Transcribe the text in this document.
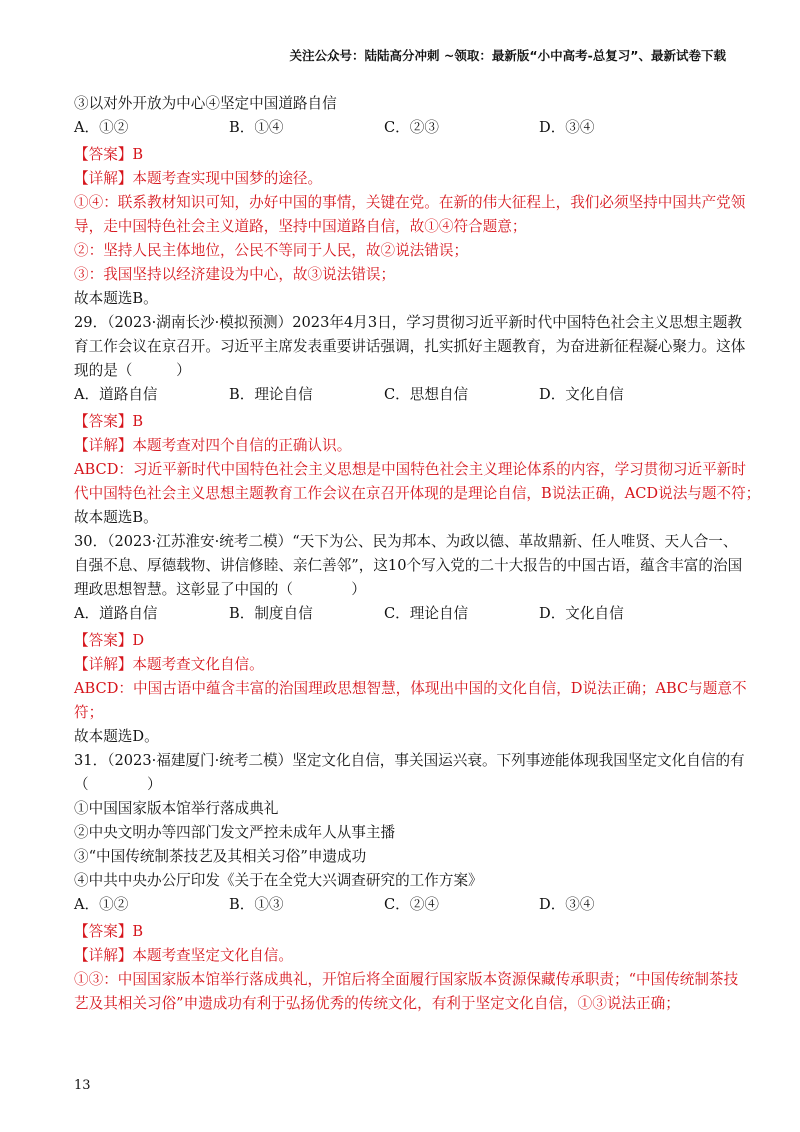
关注公众号：陆陆高分冲刺 ~领取：最新版“小中高考-总复习”、最新试卷下载
③以对外开放为中心④坚定中国道路自信
A．①②	B．①④	C．②③	D．③④
【答案】B
【详解】本题考查实现中国梦的途径。
①④：联系教材知识可知，办好中国的事情，关键在党。在新的伟大征程上，我们必须坚持中国共产党领
导，走中国特色社会主义道路，坚持中国道路自信，故①④符合题意；
②：坚持人民主体地位，公民不等同于人民，故②说法错误；
③：我国坚持以经济建设为中心，故③说法错误；
故本题选B。
29．（2023·湖南长沙·模拟预测）2023年4月3日，学习贯彻习近平新时代中国特色社会主义思想主题教
育工作会议在京召开。习近平主席发表重要讲话强调，扎实抓好主题教育，为奋进新征程凝心聚力。这体
现的是（　　　）
A．道路自信	B．理论自信	C．思想自信	D．文化自信
【答案】B
【详解】本题考查对四个自信的正确认识。
ABCD：习近平新时代中国特色社会主义思想是中国特色社会主义理论体系的内容，学习贯彻习近平新时
代中国特色社会主义思想主题教育工作会议在京召开体现的是理论自信，B说法正确，ACD说法与题不符；
故本题选B。
30．（2023·江苏淮安·统考二模）“天下为公、民为邦本、为政以德、革故鼎新、任人唯贤、天人合一、
自强不息、厚德载物、讲信修睦、亲仁善邻”，这10个写入党的二十大报告的中国古语，蕴含丰富的治国
理政思想智慧。这彰显了中国的（　　　　）
A．道路自信	B．制度自信	C．理论自信	D．文化自信
【答案】D
【详解】本题考查文化自信。
ABCD：中国古语中蕴含丰富的治国理政思想智慧，体现出中国的文化自信，D说法正确；ABC与题意不
符；
故本题选D。
31．（2023·福建厦门·统考二模）坚定文化自信，事关国运兴衰。下列事迹能体现我国坚定文化自信的有
（　　　　）
①中国国家版本馆举行落成典礼
②中央文明办等四部门发文严控未成年人从事主播
③“中国传统制茶技艺及其相关习俗”申遗成功
④中共中央办公厅印发《关于在全党大兴调查研究的工作方案》
A．①②	B．①③	C．②④	D．③④
【答案】B
【详解】本题考查坚定文化自信。
①③：中国国家版本馆举行落成典礼，开馆后将全面履行国家版本资源保藏传承职责；“中国传统制茶技
艺及其相关习俗”申遗成功有利于弘扬优秀的传统文化，有利于坚定文化自信，①③说法正确；
13
